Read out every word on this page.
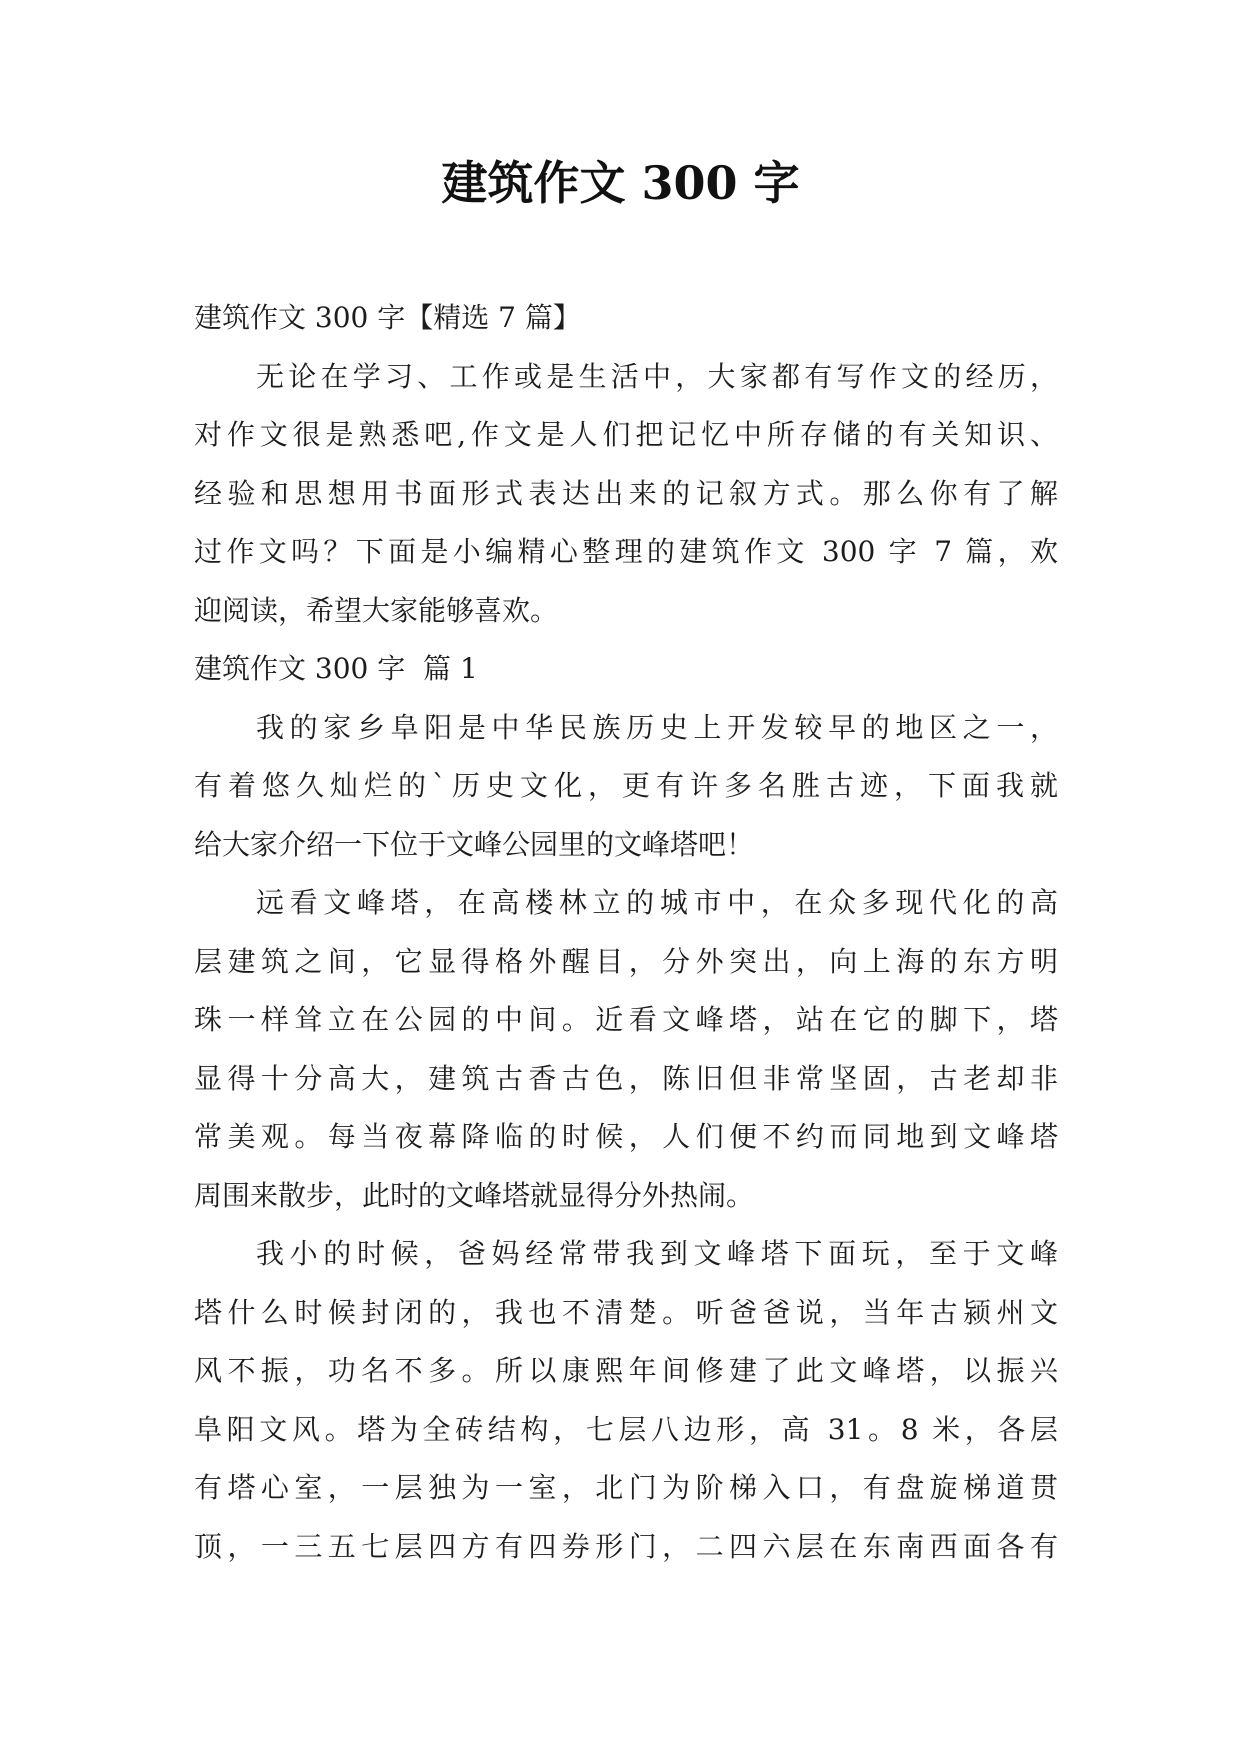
建筑作文 300 字
建筑作文 300 字【精选 7 篇】
无论在学习、工作或是生活中，大家都有写作文的经历，
对作文很是熟悉吧,作文是人们把记忆中所存储的有关知识、
经验和思想用书面形式表达出来的记叙方式。那么你有了解
过作文吗？下面是小编精心整理的建筑作文 300 字 7 篇，欢
迎阅读，希望大家能够喜欢。
建筑作文 300 字  篇 1
我的家乡阜阳是中华民族历史上开发较早的地区之一，
有着悠久灿烂的`历史文化，更有许多名胜古迹，下面我就
给大家介绍一下位于文峰公园里的文峰塔吧！
远看文峰塔，在高楼林立的城市中，在众多现代化的高
层建筑之间，它显得格外醒目，分外突出，向上海的东方明
珠一样耸立在公园的中间。近看文峰塔，站在它的脚下，塔
显得十分高大，建筑古香古色，陈旧但非常坚固，古老却非
常美观。每当夜幕降临的时候，人们便不约而同地到文峰塔
周围来散步，此时的文峰塔就显得分外热闹。
我小的时候，爸妈经常带我到文峰塔下面玩，至于文峰
塔什么时候封闭的，我也不清楚。听爸爸说，当年古颍州文
风不振，功名不多。所以康熙年间修建了此文峰塔，以振兴
阜阳文风。塔为全砖结构，七层八边形，高 31。8 米，各层
有塔心室，一层独为一室，北门为阶梯入口，有盘旋梯道贯
顶，一三五七层四方有四券形门，二四六层在东南西面各有
